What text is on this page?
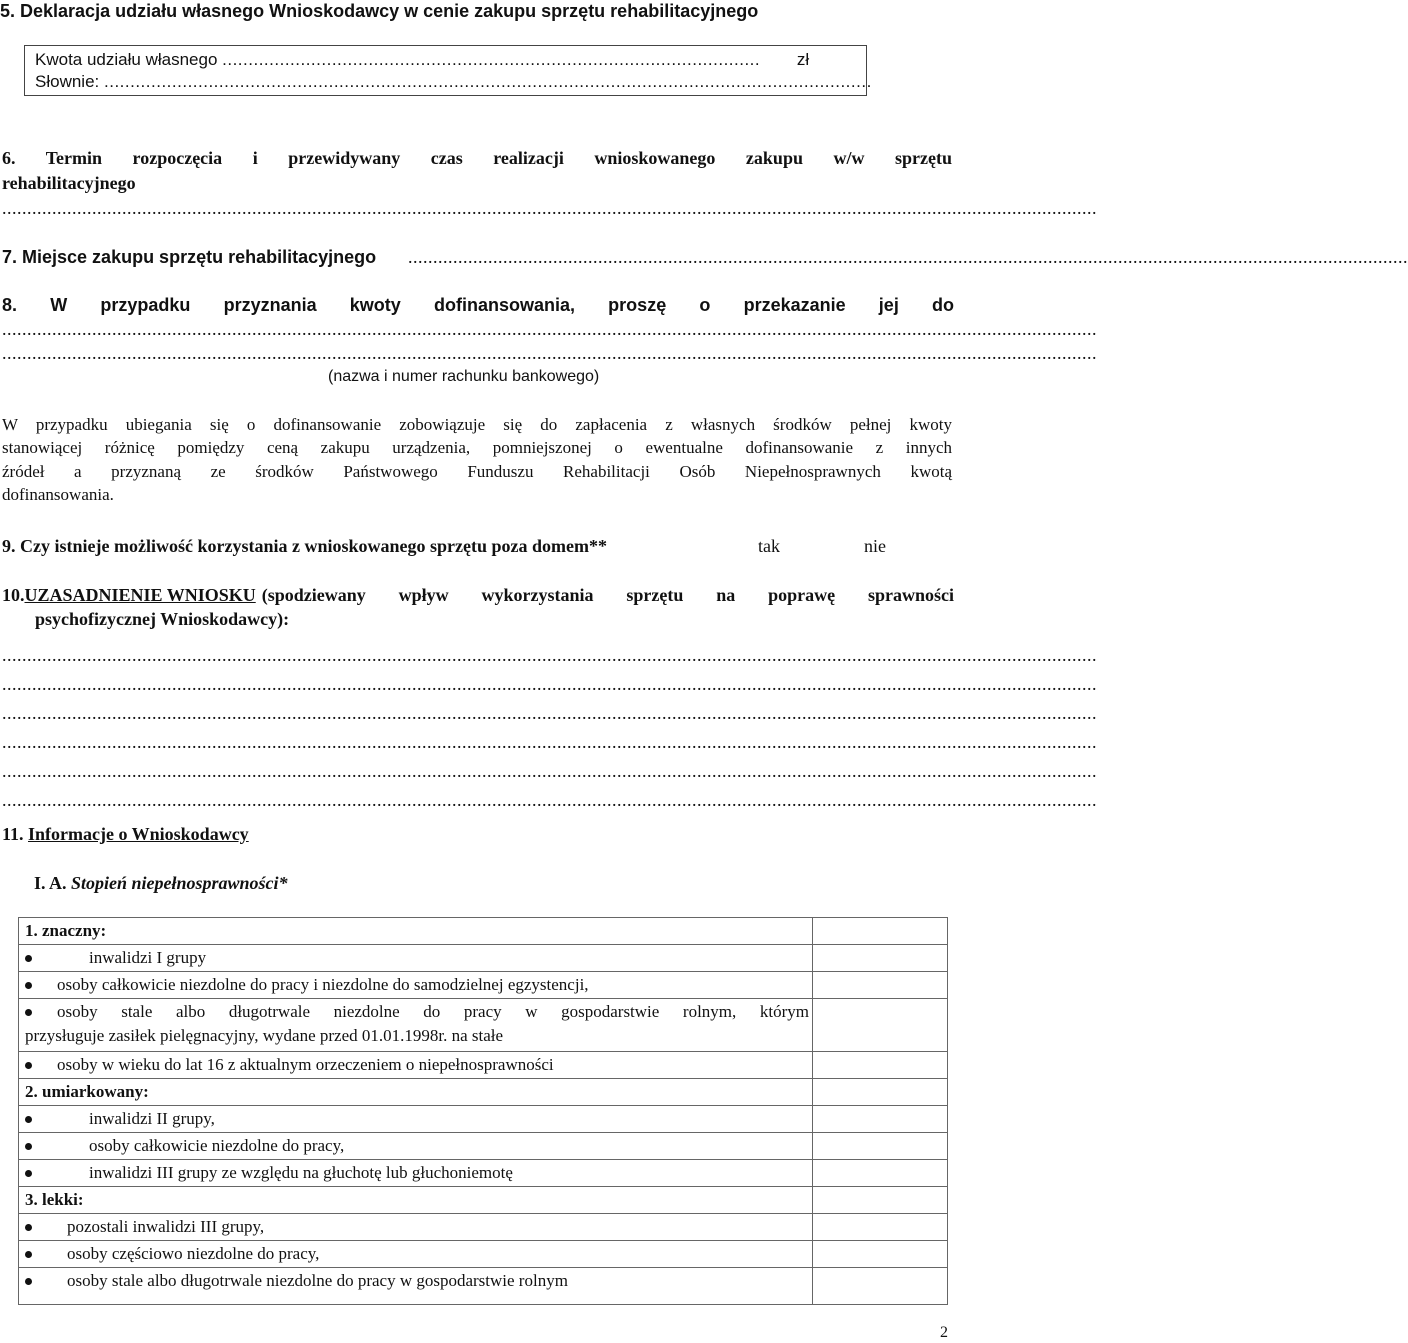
5. Deklaracja udziału własnego Wnioskodawcy w cenie zakupu sprzętu rehabilitacyjnego
Kwota udziału własnego ....................................................................................................... zł
Słownie: ...................................................................................................................................................
6. Termin rozpoczęcia i przewidywany czas realizacji wnioskowanego zakupu w/w sprzętu
rehabilitacyjnego
...........................................................................................................................................................................................................................
7. Miejsce zakupu sprzętu rehabilitacyjnego ........................................................................................................................................................................................................
8. W przypadku przyznania kwoty dofinansowania, proszę o przekazanie jej do
...........................................................................................................................................................................................................................
...........................................................................................................................................................................................................................
(nazwa i numer rachunku bankowego)
W przypadku ubiegania się o dofinansowanie zobowiązuje się do zapłacenia z własnych środków pełnej kwoty
stanowiącej różnicę pomiędzy ceną zakupu urządzenia, pomniejszonej o ewentualne dofinansowanie z innych
źródeł a przyznaną ze środków Państwowego Funduszu Rehabilitacji Osób Niepełnosprawnych kwotą
dofinansowania.
9. Czy istnieje możliwość korzystania z wnioskowanego sprzętu poza domem**	tak	nie
10. UZASADNIENIE WNIOSKU (spodziewany wpływ wykorzystania sprzętu na poprawę sprawności
psychofizycznej Wnioskodawcy):
...........................................................................................................................................................................................................................
...........................................................................................................................................................................................................................
...........................................................................................................................................................................................................................
...........................................................................................................................................................................................................................
...........................................................................................................................................................................................................................
...........................................................................................................................................................................................................................
11. Informacje o Wnioskodawcy
I. A. Stopień niepełnosprawności*
1. znaczny:	

inwalidzi I grupy	

osoby całkowicie niezdolne do pracy i niezdolne do samodzielnej egzystencji,	

osoby stale albo długotrwale niezdolne do pracy w gospodarstwie rolnym, którym
przysługuje zasiłek pielęgnacyjny, wydane przed 01.01.1998r. na stałe	

osoby w wieku do lat 16 z aktualnym orzeczeniem o niepełnosprawności	

2. umiarkowany:	

inwalidzi II grupy,	

osoby całkowicie niezdolne do pracy,	

inwalidzi III grupy ze względu na głuchotę lub głuchoniemotę	

3. lekki:	

pozostali inwalidzi III grupy,	

osoby częściowo niezdolne do pracy,	

osoby stale albo długotrwale niezdolne do pracy w gospodarstwie rolnym	

2
